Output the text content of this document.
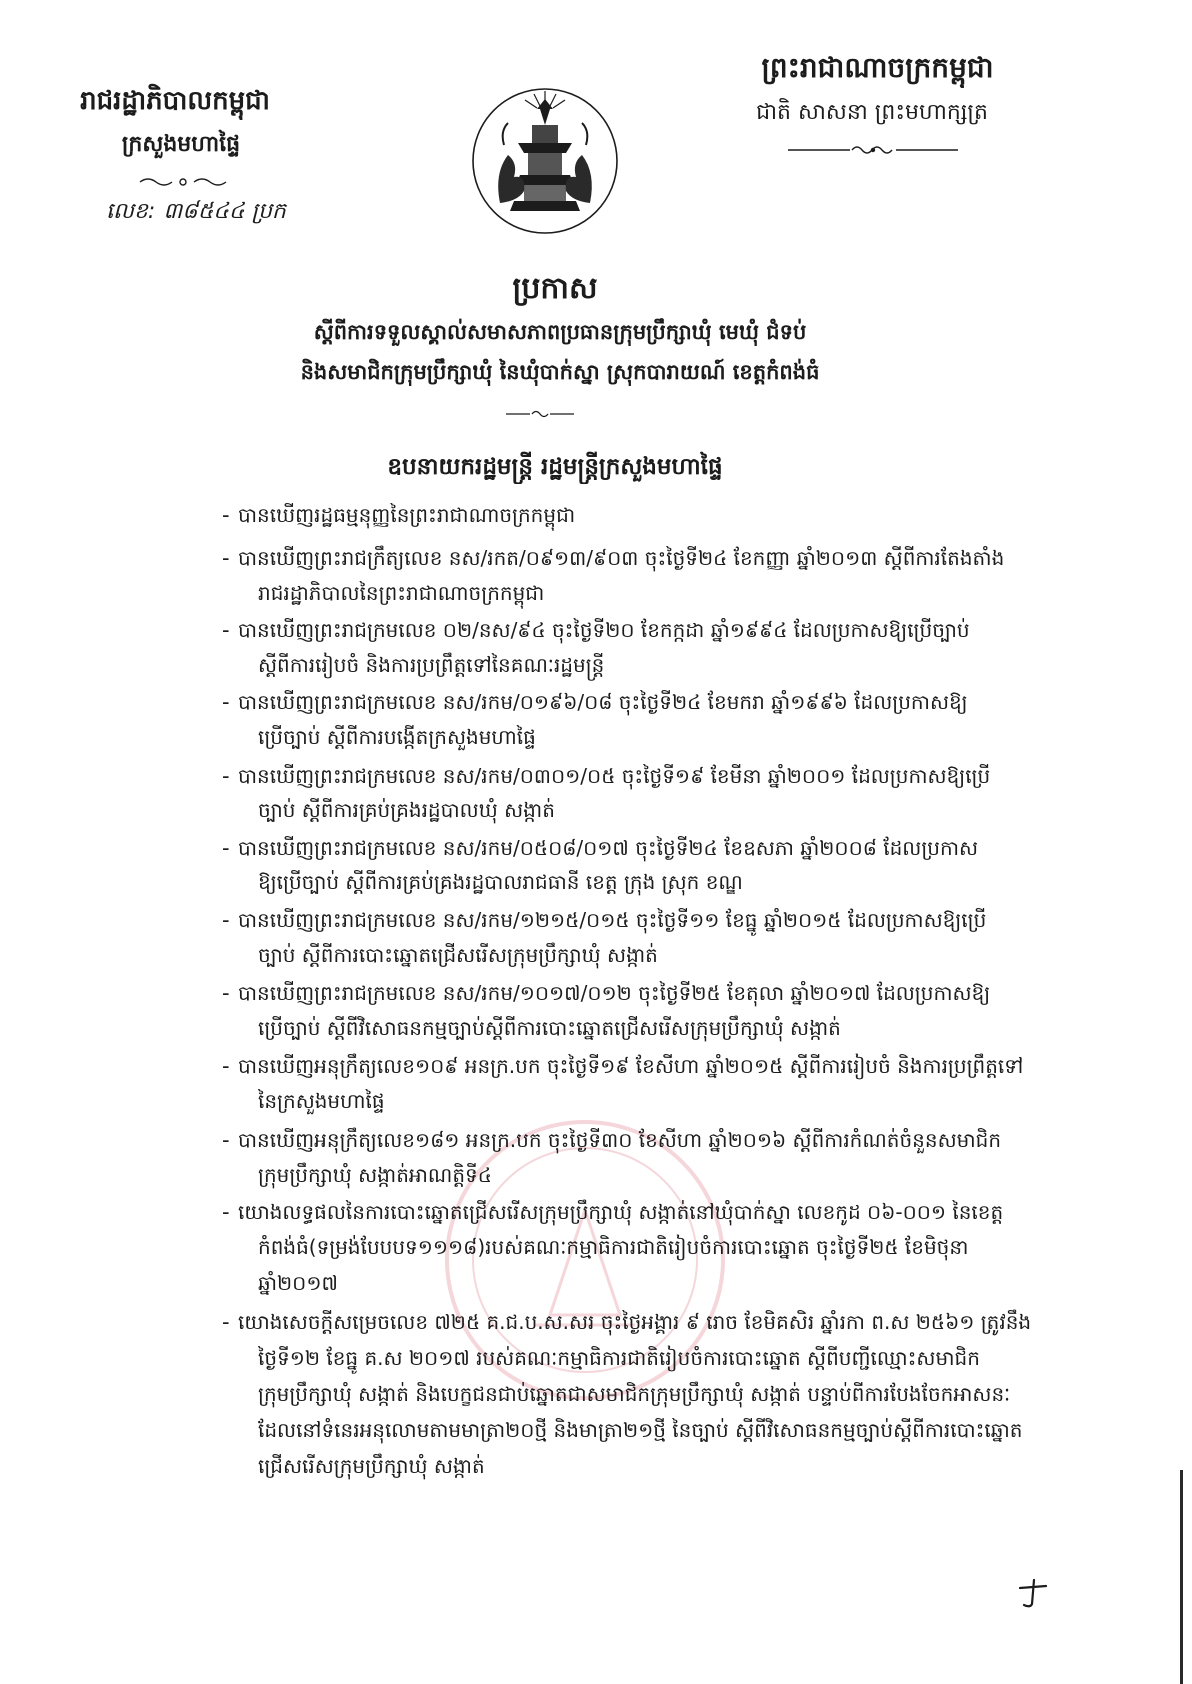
ព្រះរាជាណាចក្រកម្ពុជា
ជាតិ សាសនា ព្រះមហាក្សត្រ
រាជរដ្ឋាភិបាលកម្ពុជា
ក្រសួងមហាផ្ទៃ
លេខ: ៣៨៥៤៤ ប្រក
ប្រកាស
ស្តីពីការទទួលស្គាល់សមាសភាពប្រធានក្រុមប្រឹក្សាឃុំ មេឃុំ ជំទប់
និងសមាជិកក្រុមប្រឹក្សាឃុំ នៃឃុំបាក់ស្នា ស្រុកបារាយណ៍ ខេត្តកំពង់ធំ
ឧបនាយករដ្ឋមន្ត្រី រដ្ឋមន្ត្រីក្រសួងមហាផ្ទៃ
- បានឃើញរដ្ឋធម្មនុញ្ញនៃព្រះរាជាណាចក្រកម្ពុជា
- បានឃើញព្រះរាជក្រឹត្យលេខ នស/រកត/០៩១៣/៩០៣ ចុះថ្ងៃទី២៤ ខែកញ្ញា ឆ្នាំ២០១៣ ស្តីពីការតែងតាំង
រាជរដ្ឋាភិបាលនៃព្រះរាជាណាចក្រកម្ពុជា
- បានឃើញព្រះរាជក្រមលេខ ០២/នស/៩៤ ចុះថ្ងៃទី២០ ខែកក្កដា ឆ្នាំ១៩៩៤ ដែលប្រកាសឱ្យប្រើច្បាប់
ស្តីពីការរៀបចំ និងការប្រព្រឹត្តទៅនៃគណៈរដ្ឋមន្ត្រី
- បានឃើញព្រះរាជក្រមលេខ នស/រកម/០១៩៦/០៨ ចុះថ្ងៃទី២៤ ខែមករា ឆ្នាំ១៩៩៦ ដែលប្រកាសឱ្យ
ប្រើច្បាប់ ស្តីពីការបង្កើតក្រសួងមហាផ្ទៃ
- បានឃើញព្រះរាជក្រមលេខ នស/រកម/០៣០១/០៥ ចុះថ្ងៃទី១៩ ខែមីនា ឆ្នាំ២០០១ ដែលប្រកាសឱ្យប្រើ
ច្បាប់ ស្តីពីការគ្រប់គ្រងរដ្ឋបាលឃុំ សង្កាត់
- បានឃើញព្រះរាជក្រមលេខ នស/រកម/០៥០៨/០១៧ ចុះថ្ងៃទី២៤ ខែឧសភា ឆ្នាំ២០០៨ ដែលប្រកាស
ឱ្យប្រើច្បាប់ ស្តីពីការគ្រប់គ្រងរដ្ឋបាលរាជធានី ខេត្ត ក្រុង ស្រុក ខណ្ឌ
- បានឃើញព្រះរាជក្រមលេខ នស/រកម/១២១៥/០១៥ ចុះថ្ងៃទី១១ ខែធ្នូ ឆ្នាំ២០១៥ ដែលប្រកាសឱ្យប្រើ
ច្បាប់ ស្តីពីការបោះឆ្នោតជ្រើសរើសក្រុមប្រឹក្សាឃុំ សង្កាត់
- បានឃើញព្រះរាជក្រមលេខ នស/រកម/១០១៧/០១២ ចុះថ្ងៃទី២៥ ខែតុលា ឆ្នាំ២០១៧ ដែលប្រកាសឱ្យ
ប្រើច្បាប់ ស្តីពីវិសោធនកម្មច្បាប់ស្តីពីការបោះឆ្នោតជ្រើសរើសក្រុមប្រឹក្សាឃុំ សង្កាត់
- បានឃើញអនុក្រឹត្យលេខ១០៩ អនក្រ.បក ចុះថ្ងៃទី១៩ ខែសីហា ឆ្នាំ២០១៥ ស្តីពីការរៀបចំ និងការប្រព្រឹត្តទៅ
នៃក្រសួងមហាផ្ទៃ
- បានឃើញអនុក្រឹត្យលេខ១៨១ អនក្រ.បក ចុះថ្ងៃទី៣០ ខែសីហា ឆ្នាំ២០១៦ ស្តីពីការកំណត់ចំនួនសមាជិក
ក្រុមប្រឹក្សាឃុំ សង្កាត់អាណត្តិទី៤
- យោងលទ្ធផលនៃការបោះឆ្នោតជ្រើសរើសក្រុមប្រឹក្សាឃុំ សង្កាត់នៅឃុំបាក់ស្នា លេខកូដ ០៦-០០១ នៃខេត្ត
កំពង់ធំ(ទម្រង់បែបបទ១១១៨)របស់គណៈកម្មាធិការជាតិរៀបចំការបោះឆ្នោត ចុះថ្ងៃទី២៥ ខែមិថុនា
ឆ្នាំ២០១៧
- យោងសេចក្តីសម្រេចលេខ ៧២៥ គ.ជ.ប.ស.សរ ចុះថ្ងៃអង្គារ ៩ រោច ខែមិគសិរ ឆ្នាំរកា ព.ស ២៥៦១ ត្រូវនឹង
ថ្ងៃទី១២ ខែធ្នូ គ.ស ២០១៧ របស់គណៈកម្មាធិការជាតិរៀបចំការបោះឆ្នោត ស្តីពីបញ្ជីឈ្មោះសមាជិក
ក្រុមប្រឹក្សាឃុំ សង្កាត់ និងបេក្ខជនជាប់ឆ្នោតជាសមាជិកក្រុមប្រឹក្សាឃុំ សង្កាត់ បន្ទាប់ពីការបែងចែកអាសនៈ
ដែលនៅទំនេរអនុលោមតាមមាត្រា២០ថ្មី និងមាត្រា២១ថ្មី នៃច្បាប់ ស្តីពីវិសោធនកម្មច្បាប់ស្តីពីការបោះឆ្នោត
ជ្រើសរើសក្រុមប្រឹក្សាឃុំ សង្កាត់
